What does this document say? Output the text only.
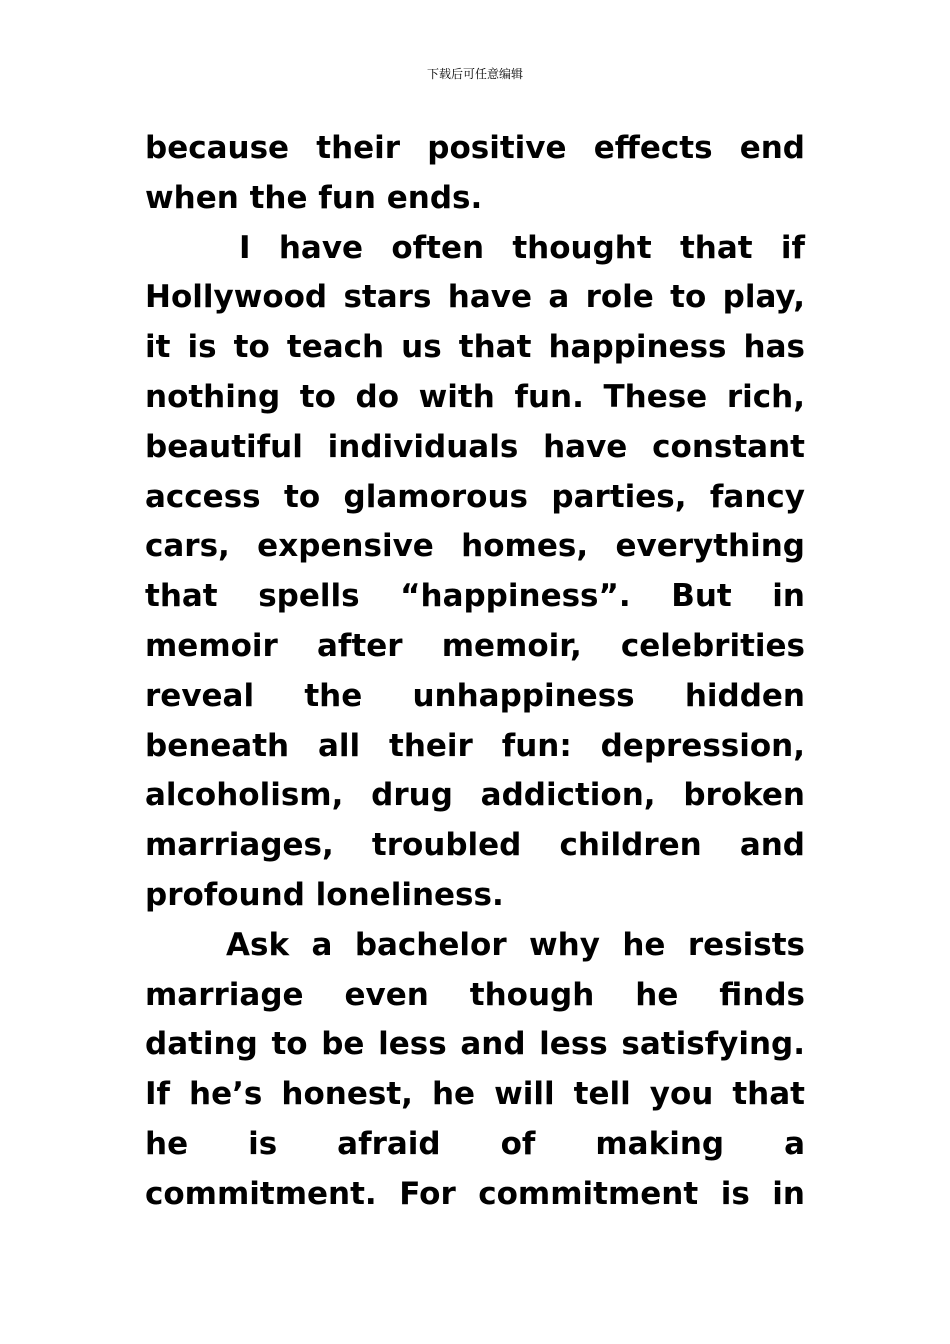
下载后可任意编辑
because their positive effects end
when the fun ends.
I have often thought that if
Hollywood stars have a role to play,
it is to teach us that happiness has
nothing to do with fun. These rich,
beautiful individuals have constant
access to glamorous parties, fancy
cars, expensive homes, everything
that spells “happiness”. But in
memoir after memoir, celebrities
reveal the unhappiness hidden
beneath all their fun: depression,
alcoholism, drug addiction, broken
marriages, troubled children and
profound loneliness.
Ask a bachelor why he resists
marriage even though he finds
dating to be less and less satisfying.
If he’s honest, he will tell you that
he is afraid of making a
commitment. For commitment is in
